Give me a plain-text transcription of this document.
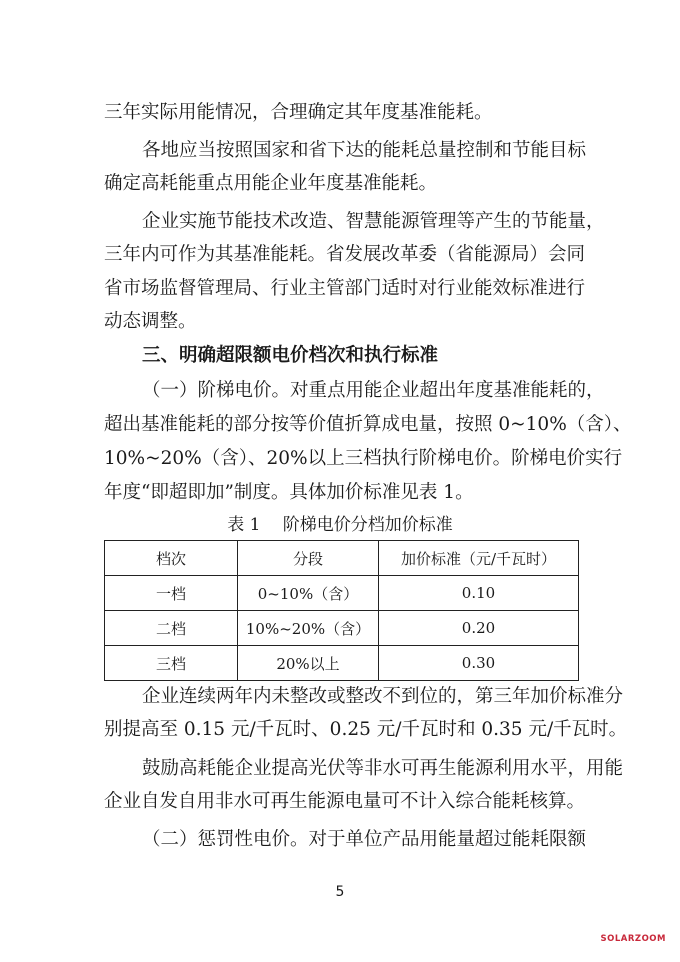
三年实际用能情况，合理确定其年度基准能耗。
各地应当按照国家和省下达的能耗总量控制和节能目标
确定高耗能重点用能企业年度基准能耗。
企业实施节能技术改造、智慧能源管理等产生的节能量，
三年内可作为其基准能耗。省发展改革委（省能源局）会同
省市场监督管理局、行业主管部门适时对行业能效标准进行
动态调整。
三、明确超限额电价档次和执行标准
（一）阶梯电价。对重点用能企业超出年度基准能耗的，
超出基准能耗的部分按等价值折算成电量，按照 0~10%（含）、
10%~20%（含）、20%以上三档执行阶梯电价。阶梯电价实行
年度“即超即加”制度。具体加价标准见表 1。
表 1　 阶梯电价分档加价标准
档次	分段	加价标准（元/千瓦时）
一档	0~10%（含）	0.10
二档	10%~20%（含）	0.20
三档	20%以上	0.30
企业连续两年内未整改或整改不到位的，第三年加价标准分
别提高至 0.15 元/千瓦时、0.25 元/千瓦时和 0.35 元/千瓦时。
鼓励高耗能企业提高光伏等非水可再生能源利用水平，用能
企业自发自用非水可再生能源电量可不计入综合能耗核算。
（二）惩罚性电价。对于单位产品用能量超过能耗限额
5
SOLARZOOM
